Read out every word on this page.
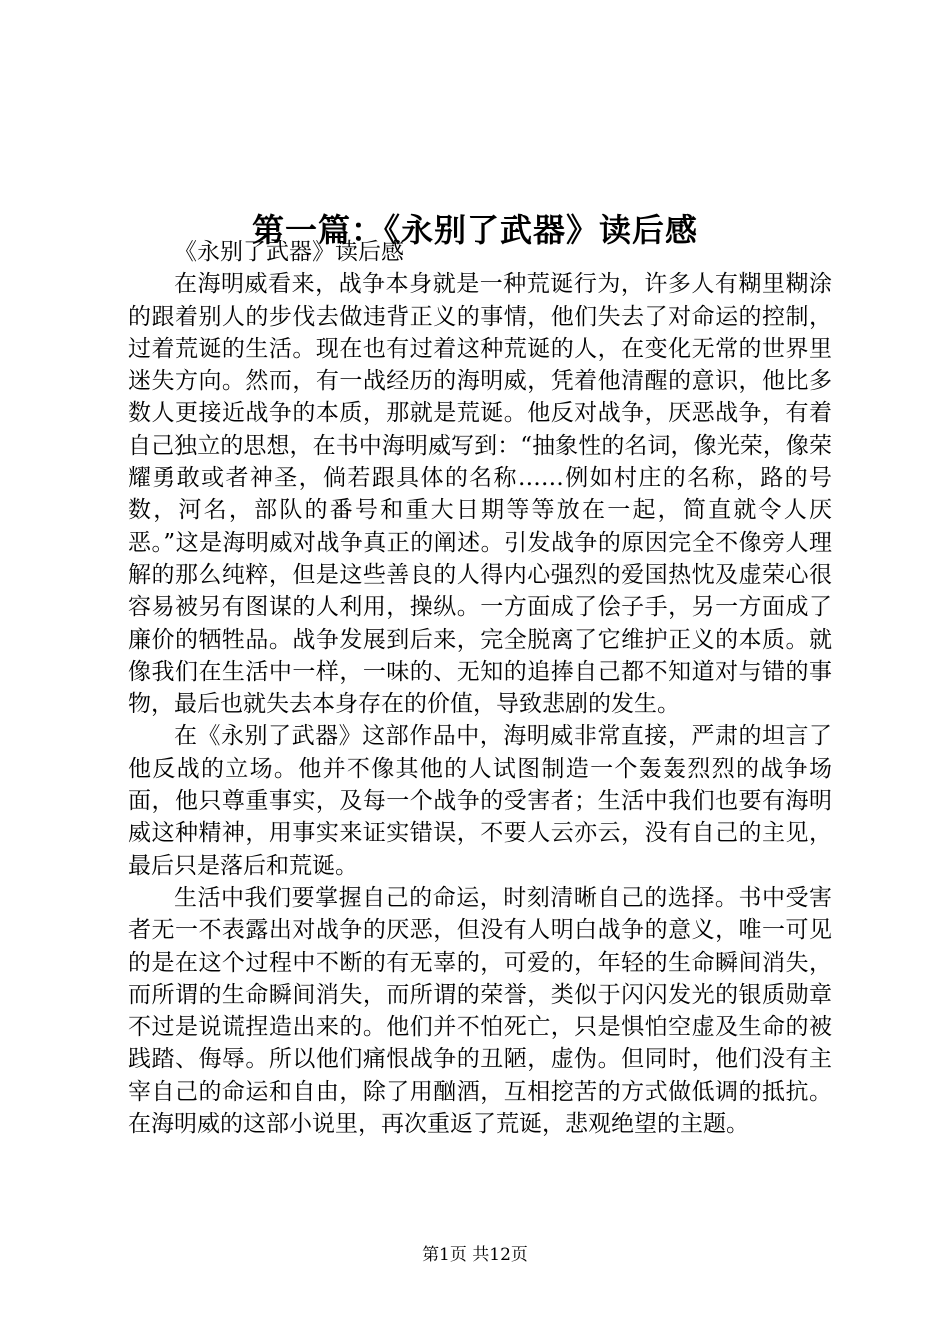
第一篇：《永别了武器》读后感

《永别了武器》读后感

在海明威看来，战争本身就是一种荒诞行为，许多人有糊里糊涂的跟着别人的步伐去做违背正义的事情，他们失去了对命运的控制，过着荒诞的生活。现在也有过着这种荒诞的人，在变化无常的世界里迷失方向。然而，有一战经历的海明威，凭着他清醒的意识，他比多数人更接近战争的本质，那就是荒诞。他反对战争，厌恶战争，有着自己独立的思想，在书中海明威写到：“抽象性的名词，像光荣，像荣耀勇敢或者神圣，倘若跟具体的名称……例如村庄的名称，路的号数，河名，部队的番号和重大日期等等放在一起，简直就令人厌恶。”这是海明威对战争真正的阐述。引发战争的原因完全不像旁人理解的那么纯粹，但是这些善良的人得内心强烈的爱国热忱及虚荣心很容易被另有图谋的人利用，操纵。一方面成了侩子手，另一方面成了廉价的牺牲品。战争发展到后来，完全脱离了它维护正义的本质。就像我们在生活中一样，一味的、无知的追捧自己都不知道对与错的事物，最后也就失去本身存在的价值，导致悲剧的发生。

在《永别了武器》这部作品中，海明威非常直接，严肃的坦言了他反战的立场。他并不像其他的人试图制造一个轰轰烈烈的战争场面，他只尊重事实，及每一个战争的受害者；生活中我们也要有海明威这种精神，用事实来证实错误，不要人云亦云，没有自己的主见，最后只是落后和荒诞。

生活中我们要掌握自己的命运，时刻清晰自己的选择。书中受害者无一不表露出对战争的厌恶，但没有人明白战争的意义，唯一可见的是在这个过程中不断的有无辜的，可爱的，年轻的生命瞬间消失，而所谓的生命瞬间消失，而所谓的荣誉，类似于闪闪发光的银质勋章不过是说谎捏造出来的。他们并不怕死亡，只是惧怕空虚及生命的被践踏、侮辱。所以他们痛恨战争的丑陋，虚伪。但同时，他们没有主宰自己的命运和自由，除了用酗酒，互相挖苦的方式做低调的抵抗。在海明威的这部小说里，再次重返了荒诞，悲观绝望的主题。

第1页 共12页
